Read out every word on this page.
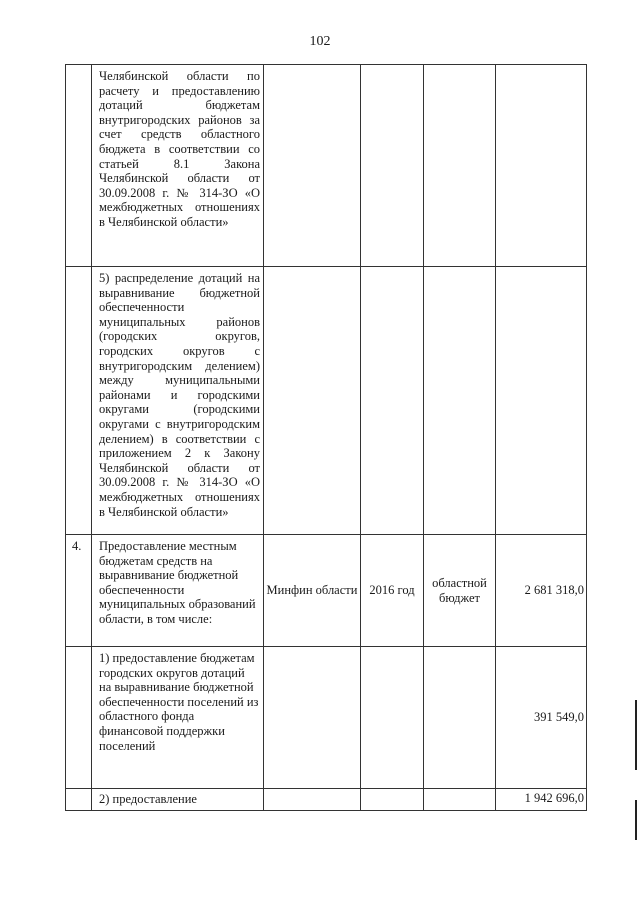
102

	Челябинской области по расчету и предоставлению дотаций бюджетам внутригородских районов за счет средств областного бюджета в соответствии со статьей 8.1 Закона Челябинской области от 30.09.2008 г. № 314-ЗО «О межбюджетных отношениях в Челябинской области»				

	5) распределение дотаций на выравнивание бюджетной обеспеченности муниципальных районов (городских округов, городских округов с внутригородским делением) между муниципальными районами и городскими округами (городскими округами с внутригородским делением) в соответствии с приложением 2 к Закону Челябинской области от 30.09.2008 г. № 314-ЗО «О межбюджетных отношениях в Челябинской области»				

4.	Предоставление местным бюджетам средств на выравнивание бюджетной обеспеченности муниципальных образований области, в том числе:	Минфин области	2016 год	областной бюджет	2 681 318,0

	1) предоставление бюджетам городских округов дотаций на выравнивание бюджетной обеспеченности поселений из областного фонда финансовой поддержки поселений				391 549,0

	2) предоставление				1 942 696,0
